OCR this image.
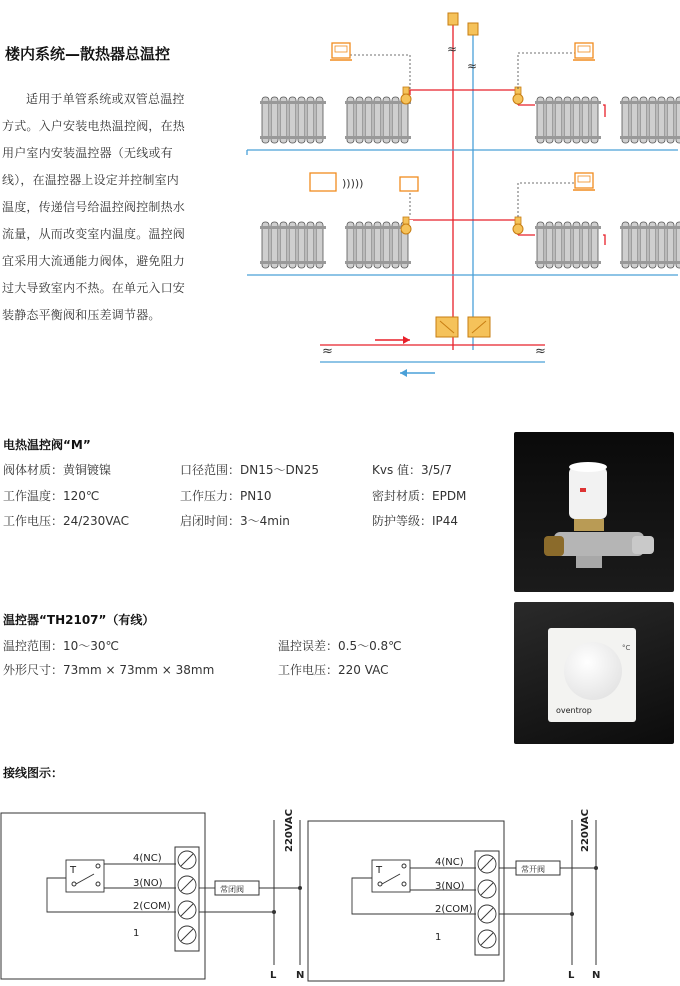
楼内系统—散热器总温控

适用于单管系统或双管总温控方式。入户安装电热温控阀，在热用户室内安装温控器（无线或有线），在温控器上设定并控制室内温度，传递信号给温控阀控制热水流量，从而改变室内温度。温控阀宜采用大流通能力阀体，避免阻力过大导致室内不热。在单元入口安装静态平衡阀和压差调节器。

≈
≈
)))))
≈	≈
电热温控阀“M”
阀体材质：黄铜镀镍	口径范围：DN15～DN25	Kvs 值：3/5/7
工作温度：120℃	工作压力：PN10	密封材质：EPDM
工作电压：24/230VAC	启闭时间：3～4min	防护等级：IP44
温控器“TH2107”（有线）
温控范围：10～30℃	温控误差：0.5～0.8℃
外形尺寸：73mm × 73mm × 38mm	工作电压：220 VAC
°C
oventrop
接线图示：
T
4(NC)
3(NO)
2(COM)
1
常闭阀
220VAC
L N
T
4(NC)
3(NO)
2(COM)
1
常开阀
220VAC
L N
